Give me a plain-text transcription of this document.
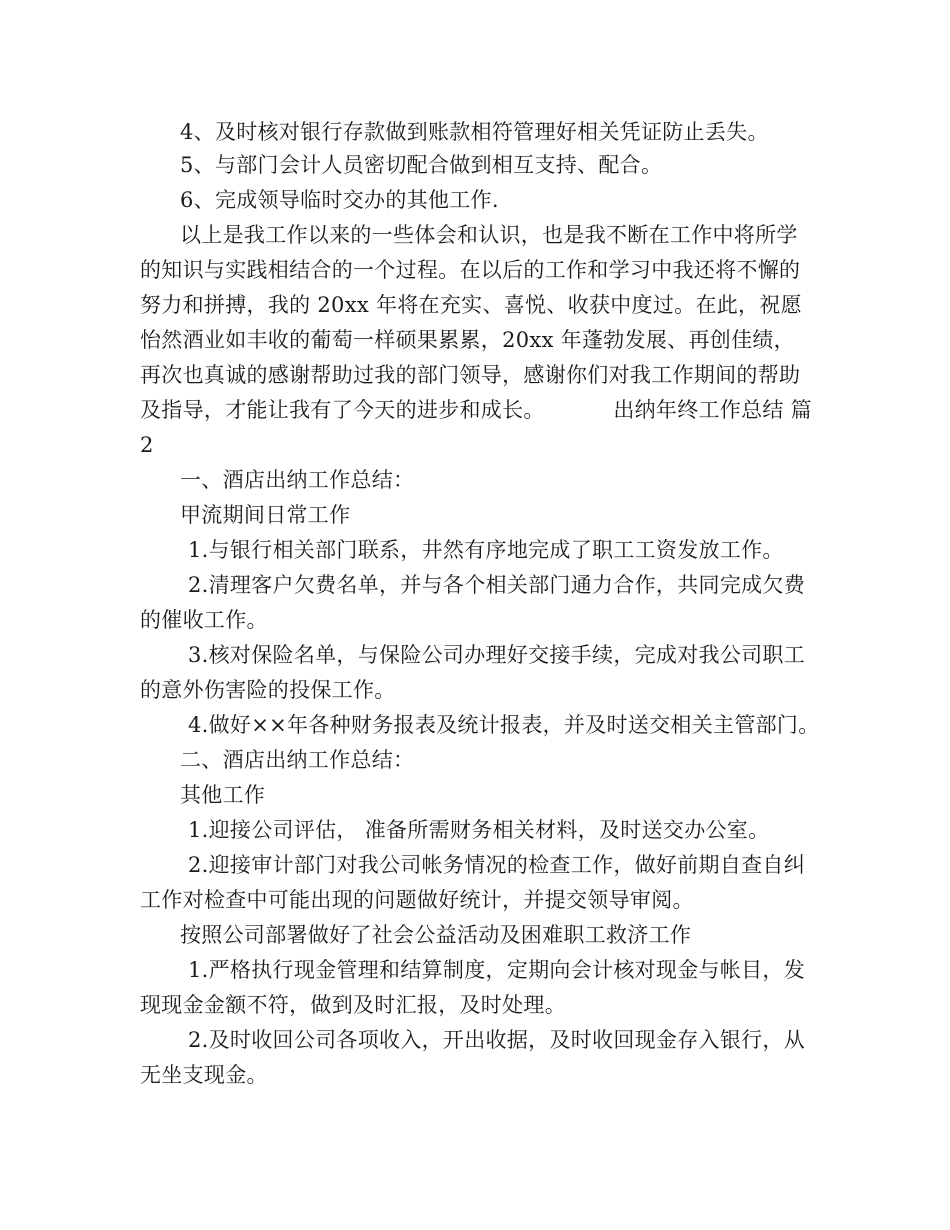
4、及时核对银行存款做到账款相符管理好相关凭证防止丢失。
5、与部门会计人员密切配合做到相互支持、配合。
6、完成领导临时交办的其他工作.
以上是我工作以来的一些体会和认识，也是我不断在工作中将所学
的知识与实践相结合的一个过程。在以后的工作和学习中我还将不懈的
努力和拼搏，我的 20xx 年将在充实、喜悦、收获中度过。在此，祝愿
怡然酒业如丰收的葡萄一样硕果累累，20xx 年蓬勃发展、再创佳绩，
再次也真诚的感谢帮助过我的部门领导，感谢你们对我工作期间的帮助
及指导，才能让我有了今天的进步和成长。	出纳年终工作总结 篇
2
一、酒店出纳工作总结：
甲流期间日常工作
1.与银行相关部门联系，井然有序地完成了职工工资发放工作。
2.清理客户欠费名单，并与各个相关部门通力合作，共同完成欠费
的催收工作。
3.核对保险名单，与保险公司办理好交接手续，完成对我公司职工
的意外伤害险的投保工作。
4.做好××年各种财务报表及统计报表，并及时送交相关主管部门。
二、酒店出纳工作总结：
其他工作
1.迎接公司评估， 准备所需财务相关材料，及时送交办公室。
2.迎接审计部门对我公司帐务情况的检查工作，做好前期自查自纠
工作对检查中可能出现的问题做好统计，并提交领导审阅。
按照公司部署做好了社会公益活动及困难职工救济工作
1.严格执行现金管理和结算制度，定期向会计核对现金与帐目，发
现现金金额不符，做到及时汇报，及时处理。
2.及时收回公司各项收入，开出收据，及时收回现金存入银行，从
无坐支现金。
